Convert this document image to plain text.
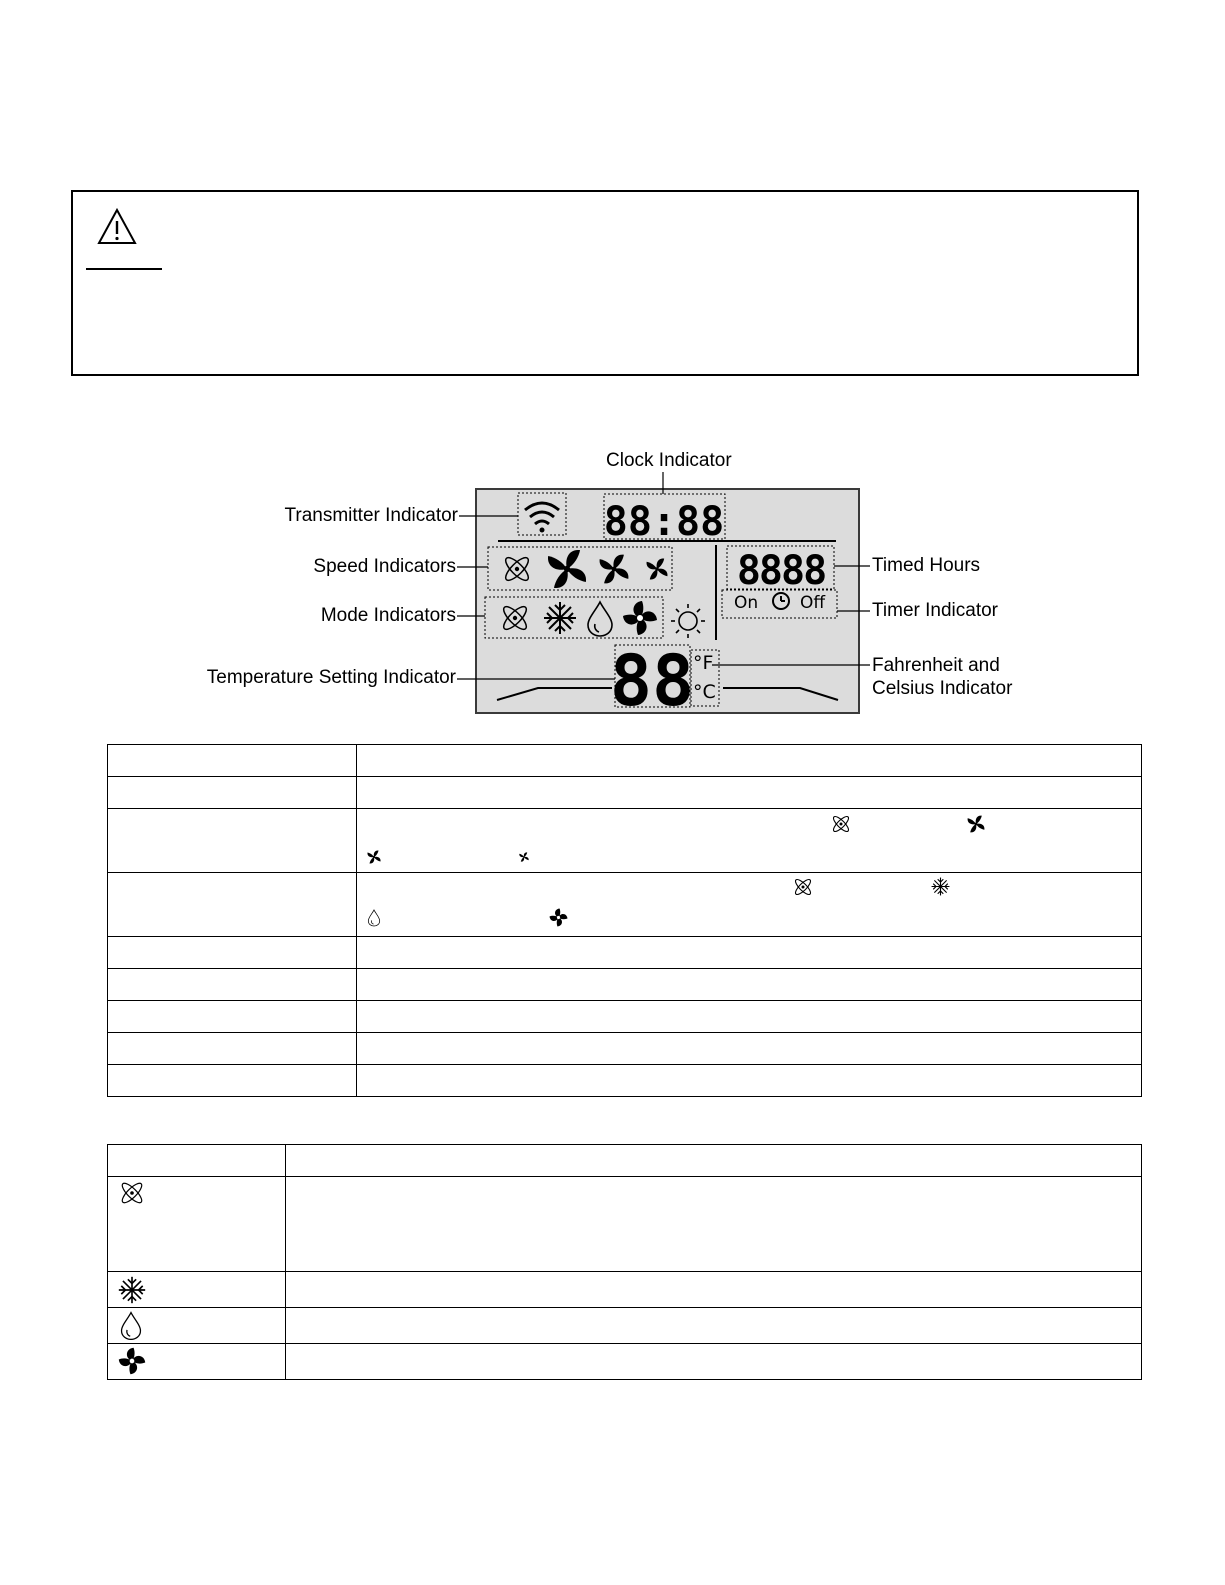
Clock Indicator
Transmitter Indicator
Speed Indicators
Mode Indicators
Temperature Setting Indicator
Timed Hours
Timer Indicator
Fahrenheit and
Celsius Indicator
88:88
8888
88
On Off
°F
°C
